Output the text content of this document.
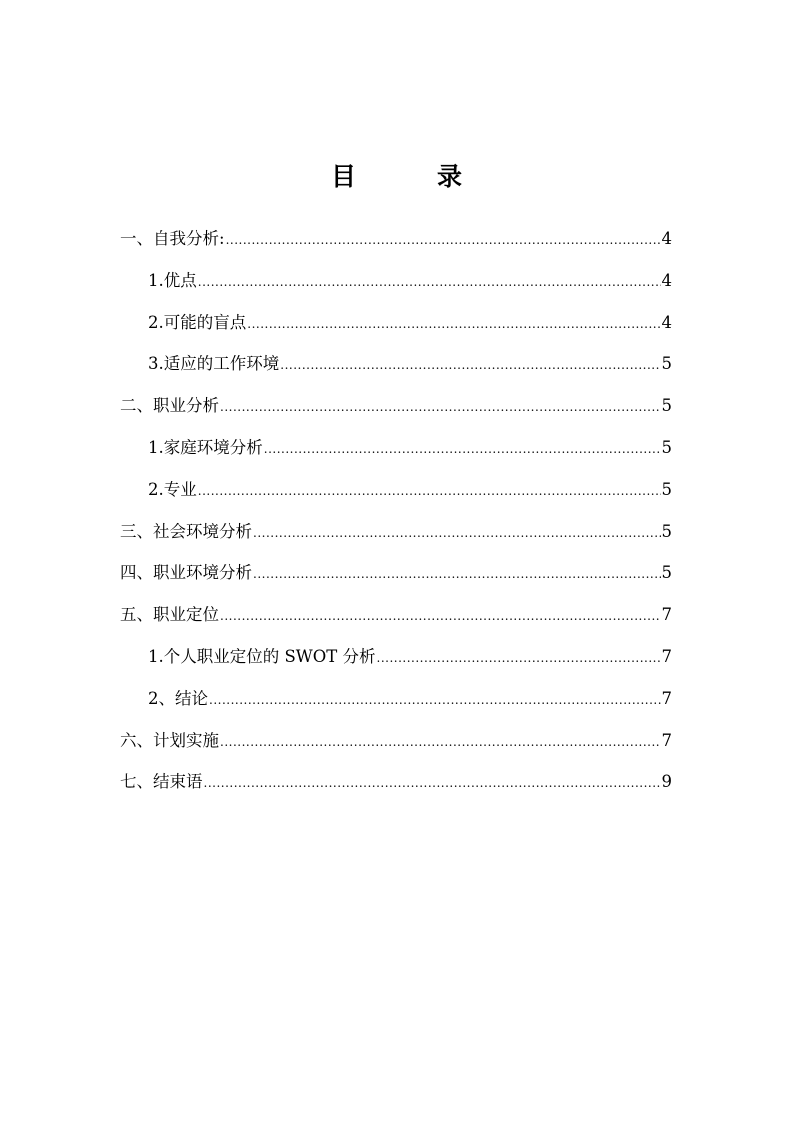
目　录
一、自我分析: .....	4
1.优点 .....	4
2.可能的盲点 .....	4
3.适应的工作环境 .....	5
二、职业分析 .....	5
1.家庭环境分析 .....	5
2.专业 .....	5
三、社会环境分析 .....	5
四、职业环境分析 .....	5
五、职业定位 .....	7
1.个人职业定位的 SWOT 分析 .....	7
2、结论 .....	7
六、计划实施 .....	7
七、结束语 .....	9
